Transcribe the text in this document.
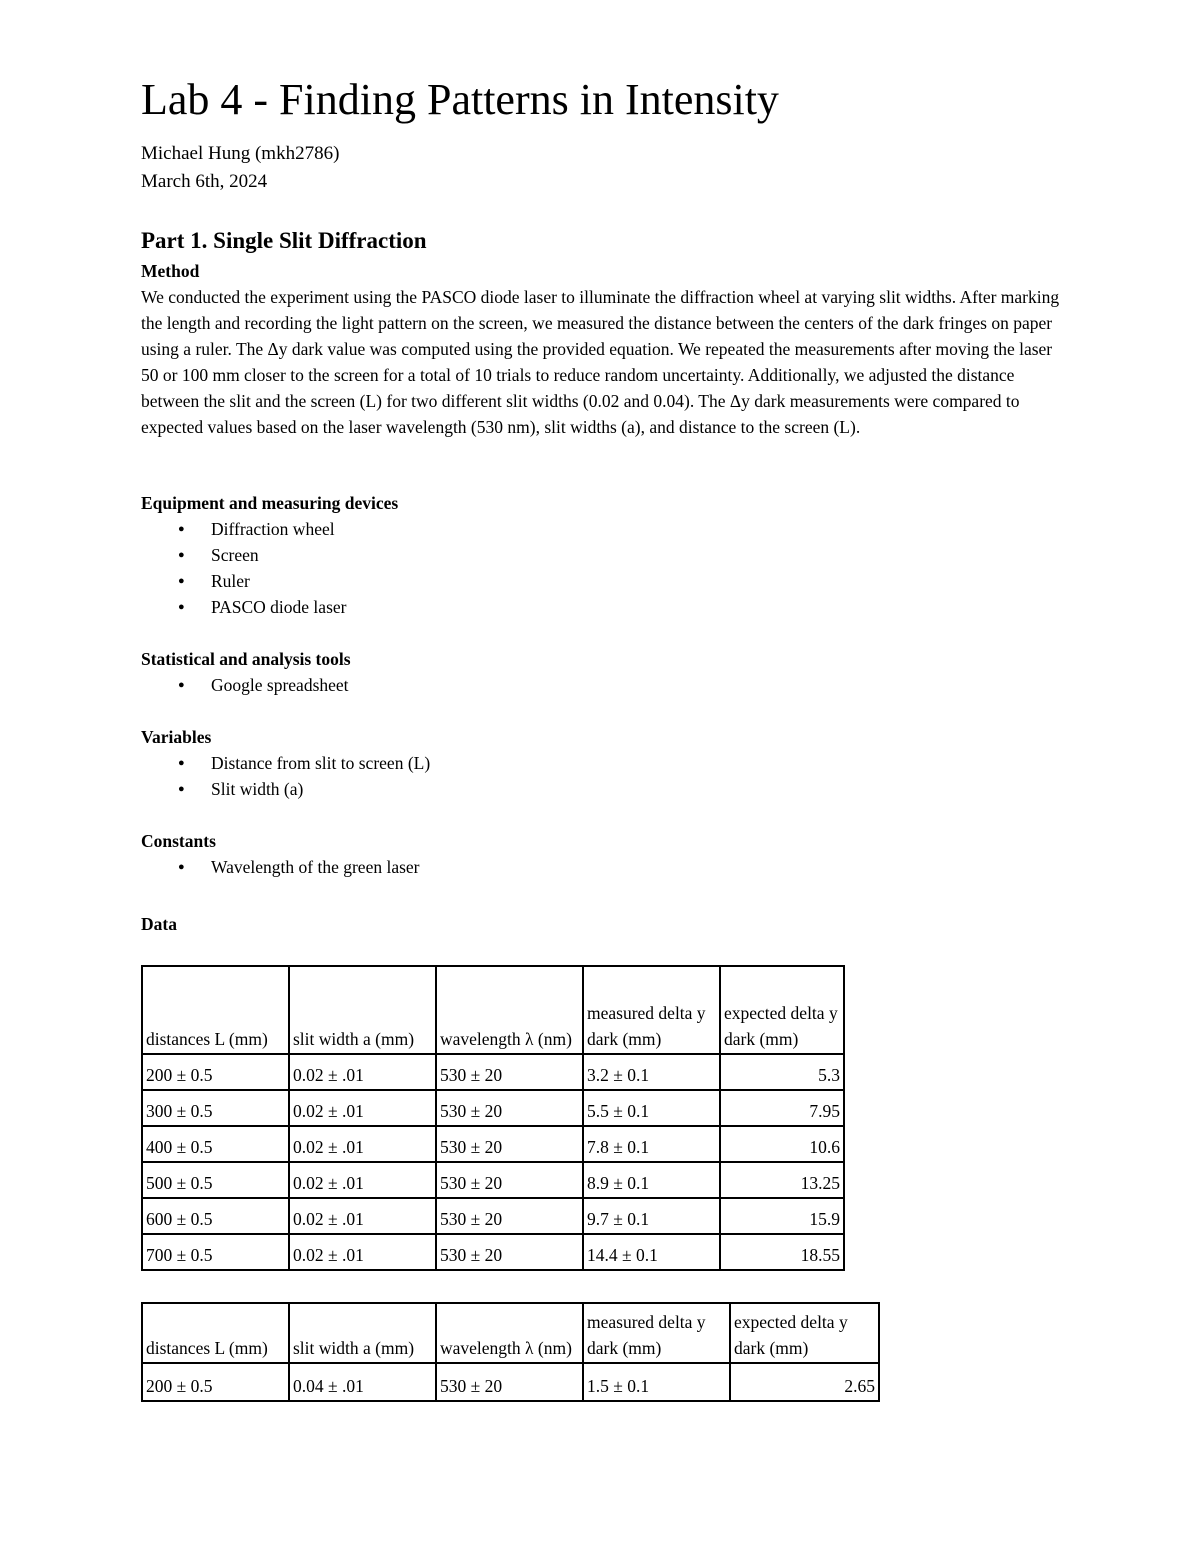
Lab 4 - Finding Patterns in Intensity
Michael Hung (mkh2786)
March 6th, 2024
Part 1. Single Slit Diffraction
Method

We conducted the experiment using the PASCO diode laser to illuminate the diffraction wheel at varying slit widths. After marking the length and recording the light pattern on the screen, we measured the distance between the centers of the dark fringes on paper using a ruler. The Δy dark value was computed using the provided equation. We repeated the measurements after moving the laser 50 or 100 mm closer to the screen for a total of 10 trials to reduce random uncertainty. Additionally, we adjusted the distance between the slit and the screen (L) for two different slit widths (0.02 and 0.04). The Δy dark measurements were compared to expected values based on the laser wavelength (530 nm), slit widths (a), and distance to the screen (L).

Equipment and measuring devices
● Diffraction wheel
● Screen
● Ruler
● PASCO diode laser
Statistical and analysis tools
● Google spreadsheet
Variables
● Distance from slit to screen (L)
● Slit width (a)
Constants
● Wavelength of the green laser
Data
distances L (mm)	slit width a (mm)	wavelength λ (nm)	measured delta y dark (mm)	expected delta y dark (mm)
200 ± 0.5	0.02 ± .01	530 ± 20	3.2 ± 0.1	5.3
300 ± 0.5	0.02 ± .01	530 ± 20	5.5 ± 0.1	7.95
400 ± 0.5	0.02 ± .01	530 ± 20	7.8 ± 0.1	10.6
500 ± 0.5	0.02 ± .01	530 ± 20	8.9 ± 0.1	13.25
600 ± 0.5	0.02 ± .01	530 ± 20	9.7 ± 0.1	15.9
700 ± 0.5	0.02 ± .01	530 ± 20	14.4 ± 0.1	18.55
distances L (mm)	slit width a (mm)	wavelength λ (nm)	measured delta y dark (mm)	expected delta y dark (mm)
200 ± 0.5	0.04 ± .01	530 ± 20	1.5 ± 0.1	2.65
